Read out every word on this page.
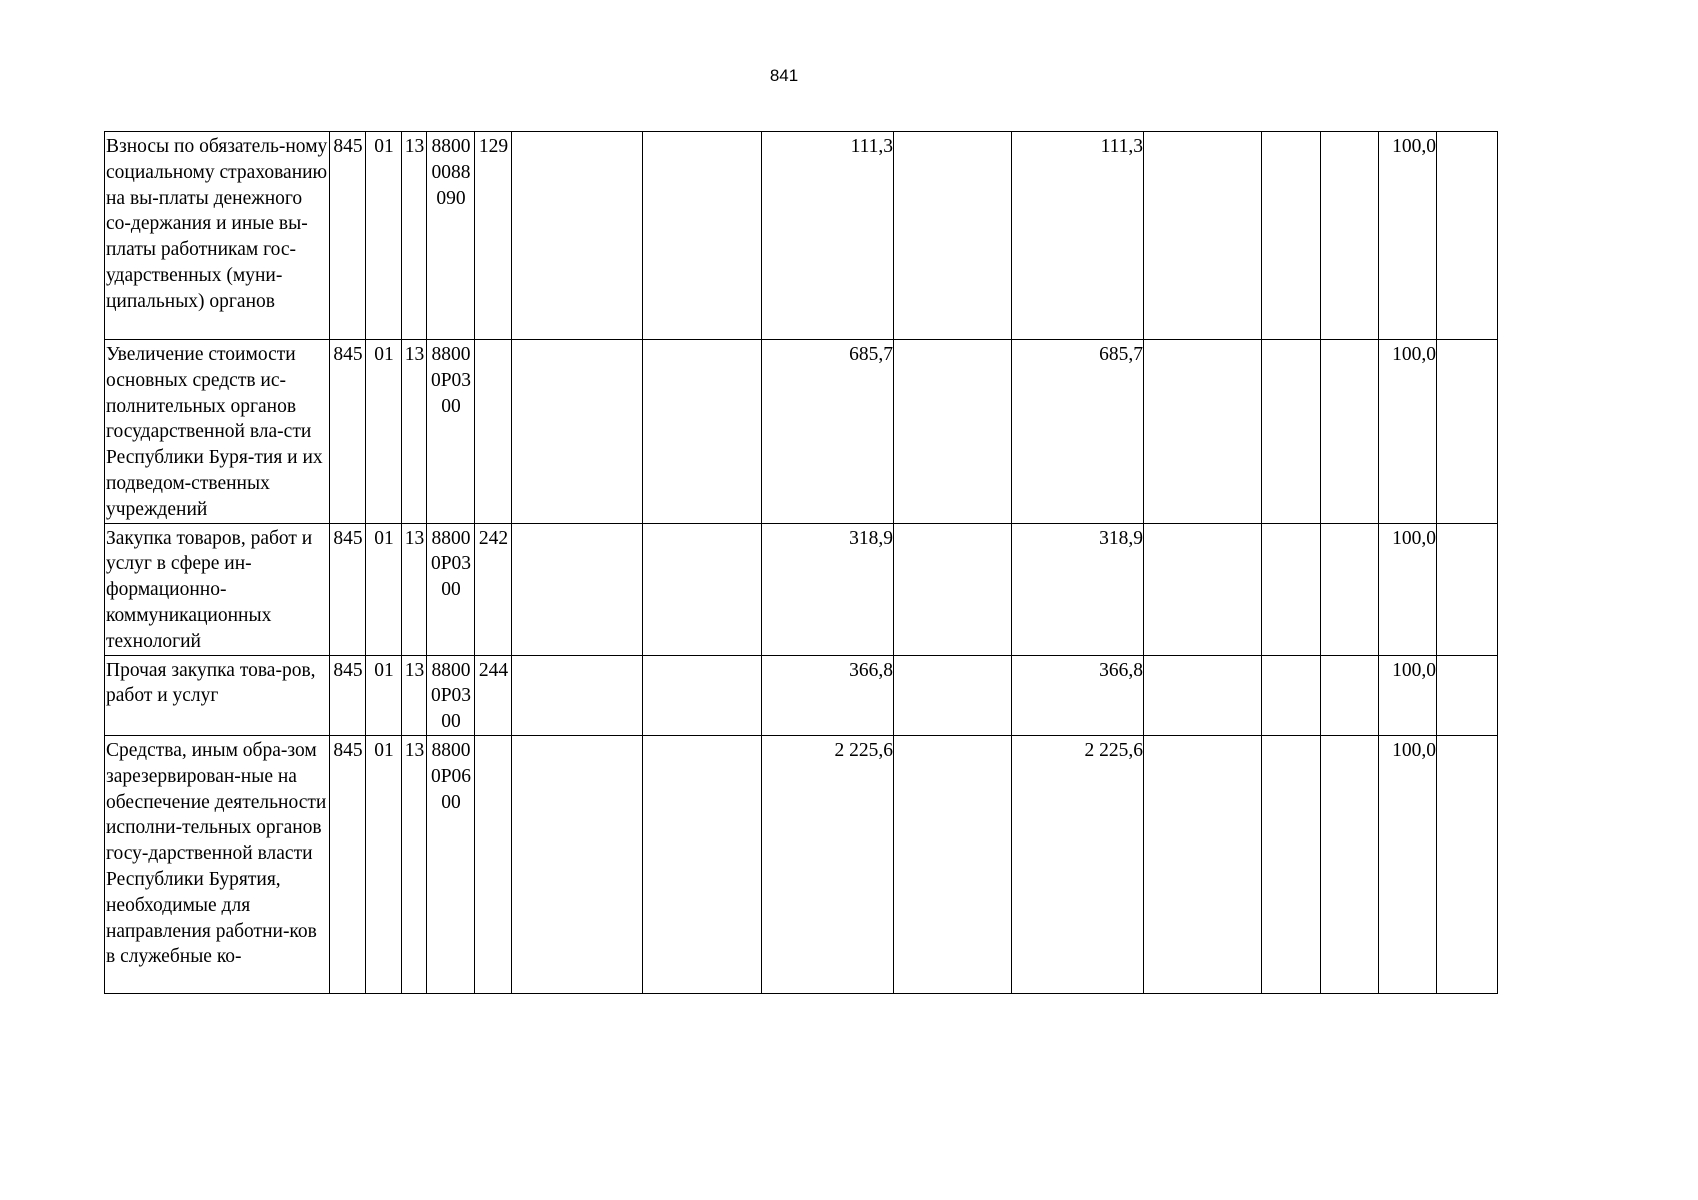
841
Взносы по обязатель-ному социальному страхованию на вы-платы денежного со-держания и иные вы-платы работникам гос-ударственных (муни-ципальных) органов	845	01	13	88000088090	129			111,3		111,3				100,0	
Увеличение стоимости основных средств ис-полнительных органов государственной вла-сти Республики Буря-тия и их подведом-ственных учреждений	845	01	13	88000P0300				685,7		685,7				100,0	
Закупка товаров, работ и услуг в сфере ин-формационно-коммуникационных технологий	845	01	13	88000P0300	242			318,9		318,9				100,0	
Прочая закупка това-ров, работ и услуг	845	01	13	88000P0300	244			366,8		366,8				100,0	
Средства, иным обра-зом зарезервирован-ные на обеспечение деятельности исполни-тельных органов госу-дарственной власти Республики Бурятия, необходимые для направления работни-ков в служебные ко-	845	01	13	88000P0600				2 225,6		2 225,6				100,0	
